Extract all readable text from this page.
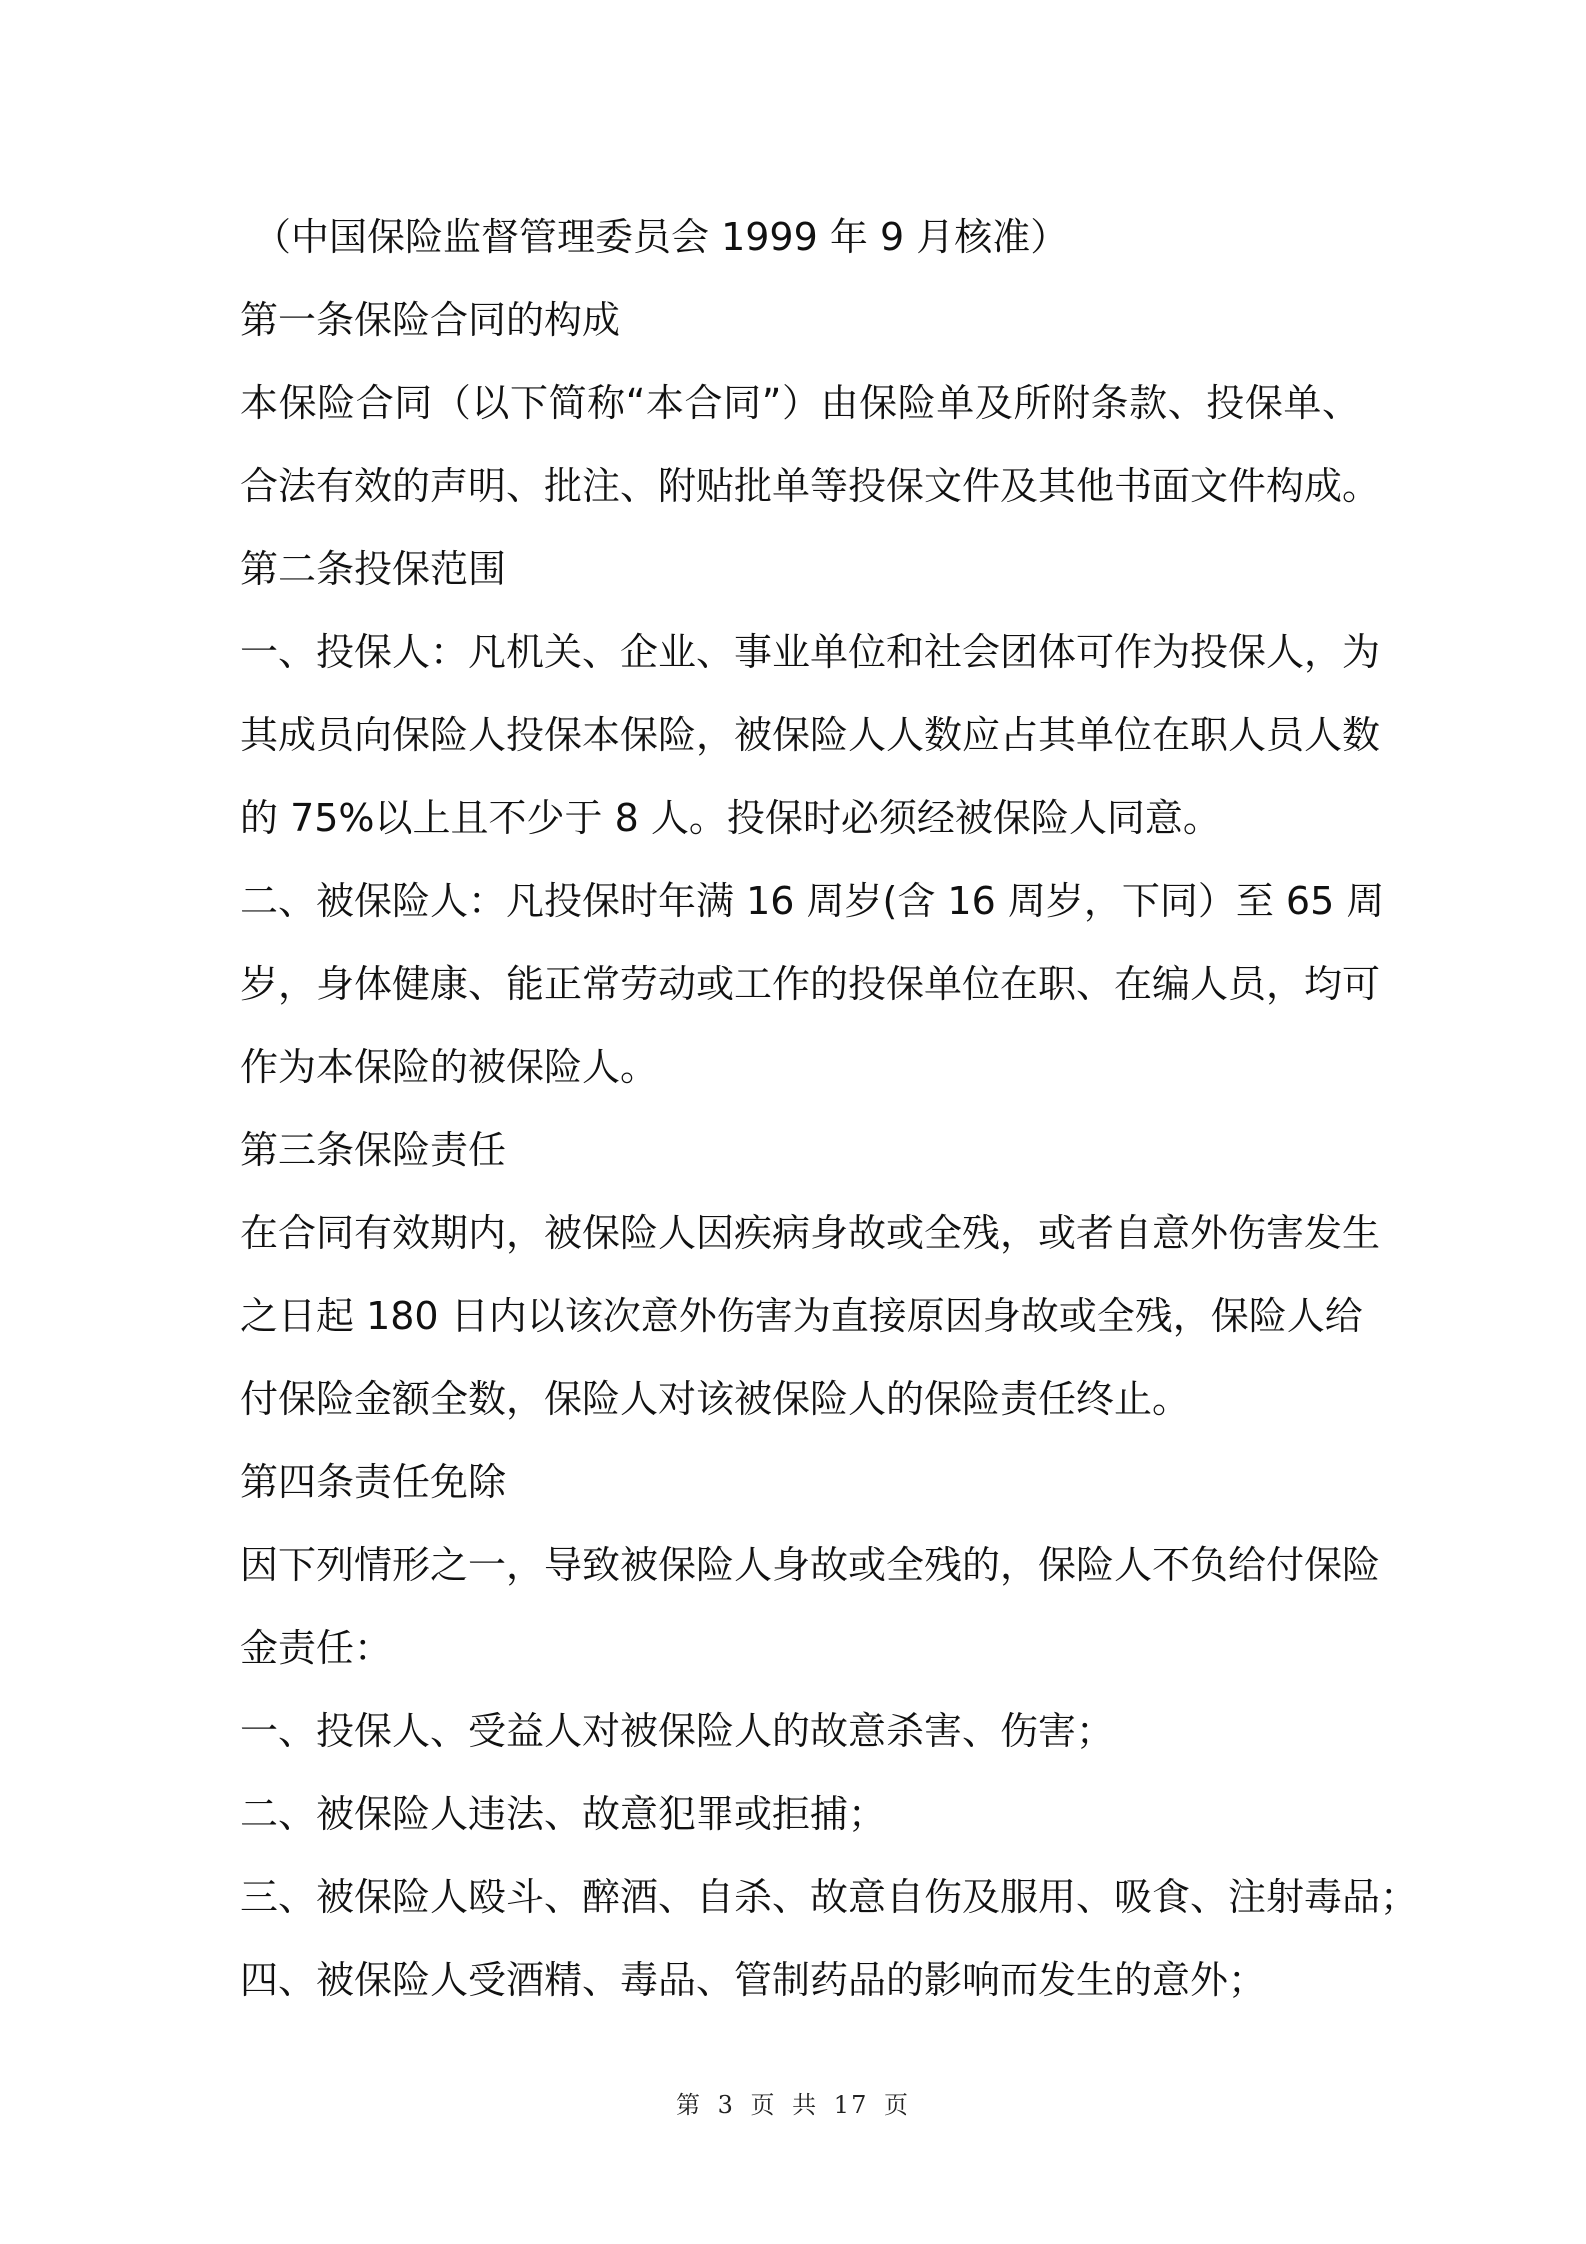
（中国保险监督管理委员会 1999 年 9 月核准）
第一条保险合同的构成
本保险合同（以下简称“本合同”）由保险单及所附条款、投保单、
合法有效的声明、批注、附贴批单等投保文件及其他书面文件构成。
第二条投保范围
一、投保人：凡机关、企业、事业单位和社会团体可作为投保人，为
其成员向保险人投保本保险，被保险人人数应占其单位在职人员人数
的 75%以上且不少于 8 人。投保时必须经被保险人同意。
二、被保险人：凡投保时年满 16 周岁(含 16 周岁，下同）至 65 周
岁，身体健康、能正常劳动或工作的投保单位在职、在编人员，均可
作为本保险的被保险人。
第三条保险责任
在合同有效期内，被保险人因疾病身故或全残，或者自意外伤害发生
之日起 180 日内以该次意外伤害为直接原因身故或全残，保险人给
付保险金额全数，保险人对该被保险人的保险责任终止。
第四条责任免除
因下列情形之一，导致被保险人身故或全残的，保险人不负给付保险
金责任：
一、投保人、受益人对被保险人的故意杀害、伤害；
二、被保险人违法、故意犯罪或拒捕；
三、被保险人殴斗、醉酒、自杀、故意自伤及服用、吸食、注射毒品；
四、被保险人受酒精、毒品、管制药品的影响而发生的意外；
第 3 页 共 17 页
